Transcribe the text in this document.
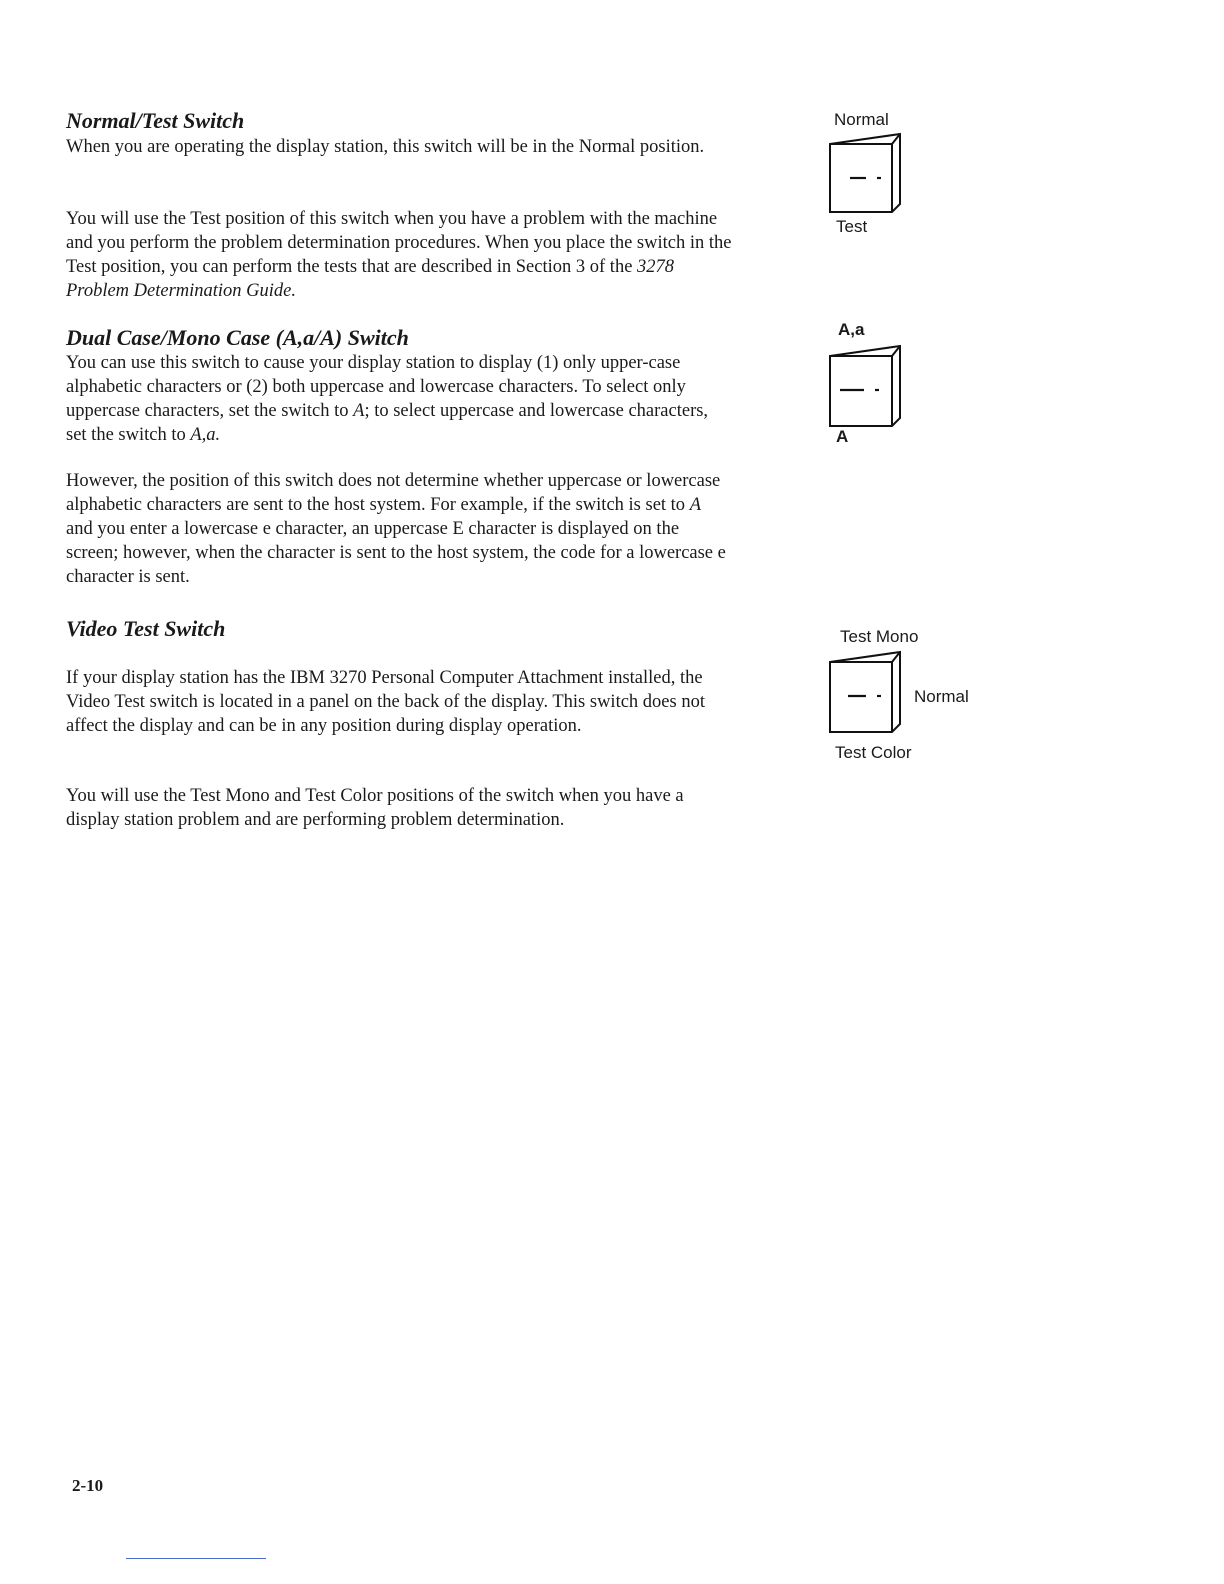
Normal/Test Switch

When you are operating the display station, this switch will be in the Normal position.

You will use the Test position of this switch when you have a problem with the machine and you perform the problem determination procedures. When you place the switch in the Test position, you can perform the tests that are described in Section 3 of the 3278 Problem Determination Guide.

Dual Case/Mono Case (A,a/A) Switch

You can use this switch to cause your display station to display (1) only upper-case alphabetic characters or (2) both uppercase and lowercase characters. To select only uppercase characters, set the switch to A; to select uppercase and lowercase characters, set the switch to A,a.

However, the position of this switch does not determine whether uppercase or lowercase alphabetic characters are sent to the host system. For example, if the switch is set to A and you enter a lowercase e character, an uppercase E character is displayed on the screen; however, when the character is sent to the host system, the code for a lowercase e character is sent.

Video Test Switch

If your display station has the IBM 3270 Personal Computer Attachment installed, the Video Test switch is located in a panel on the back of the display. This switch does not affect the display and can be in any position during display operation.

You will use the Test Mono and Test Color positions of the switch when you have a display station problem and are performing problem determination.

Normal
Test
A,a
A
Test Mono
Normal
Test Color
2-10
